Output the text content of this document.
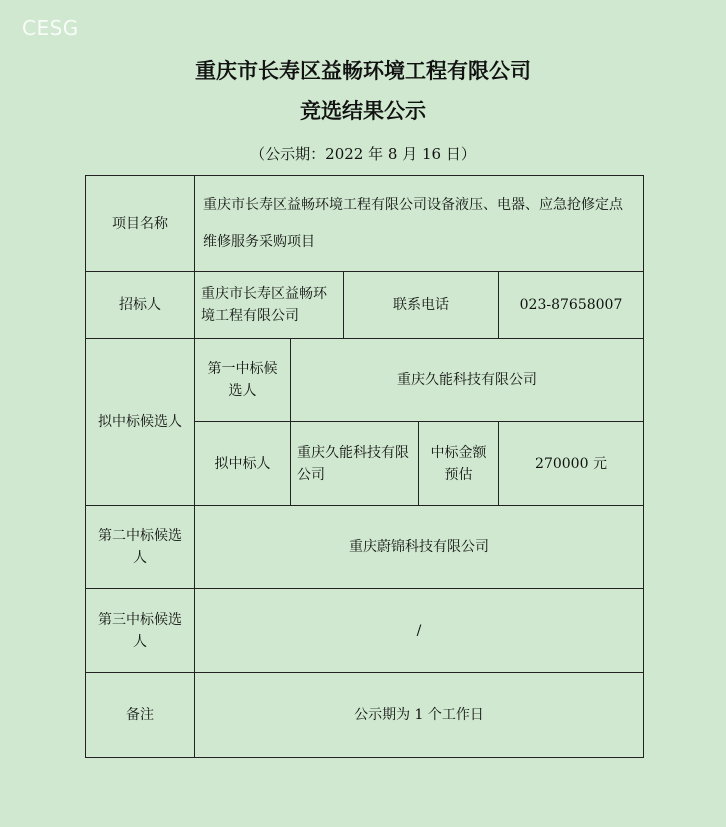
CESG
重庆市长寿区益畅环境工程有限公司
竞选结果公示
（公示期：2022 年 8 月 16 日）
项目名称	重庆市长寿区益畅环境工程有限公司设备液压、电器、应急抢修定点维修服务采购项目				
招标人	重庆市长寿区益畅环境工程有限公司		联系电话		023-87658007
拟中标候选人	第一中标候选人	重庆久能科技有限公司			
	拟中标人	重庆久能科技有限公司		中标金额预估	270000 元
第二中标候选人	重庆蔚锦科技有限公司				
第三中标候选人	/				
备注	公示期为 1 个工作日				
